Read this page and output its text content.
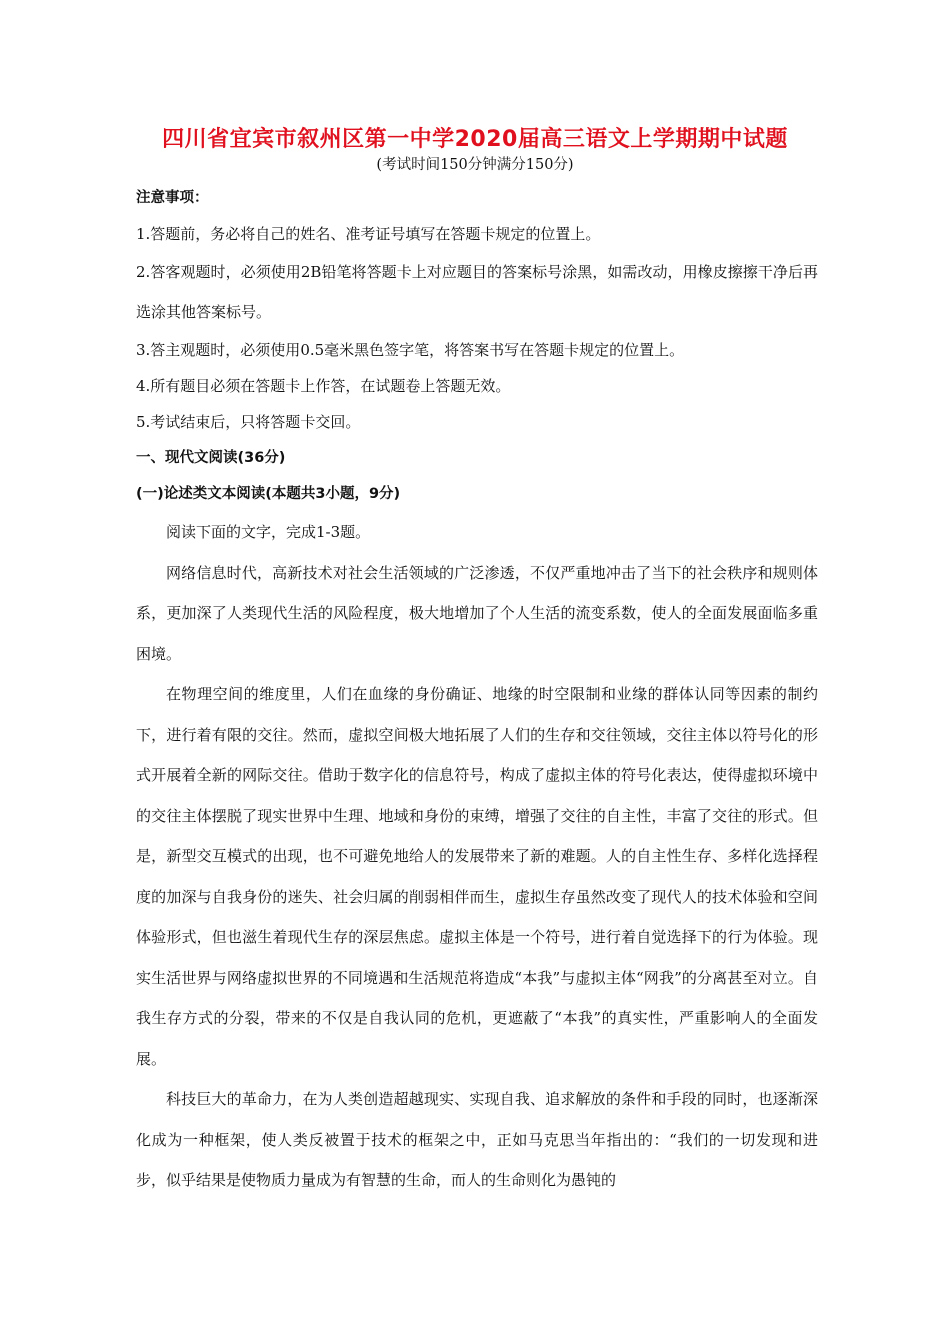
四川省宜宾市叙州区第一中学2020届高三语文上学期期中试题
(考试时间150分钟满分150分)

注意事项：

1.答题前，务必将自己的姓名、准考证号填写在答题卡规定的位置上。

2.答客观题时，必须使用2B铅笔将答题卡上对应题目的答案标号涂黑，如需改动，用橡皮擦擦干净后再选涂其他答案标号。

3.答主观题时，必须使用0.5毫米黑色签字笔，将答案书写在答题卡规定的位置上。

4.所有题目必须在答题卡上作答，在试题卷上答题无效。

5.考试结束后，只将答题卡交回。

一、现代文阅读(36分)

(一)论述类文本阅读(本题共3小题，9分)

阅读下面的文字，完成1-3题。

网络信息时代，高新技术对社会生活领域的广泛渗透，不仅严重地冲击了当下的社会秩序和规则体系，更加深了人类现代生活的风险程度，极大地增加了个人生活的流变系数，使人的全面发展面临多重困境。

在物理空间的维度里，人们在血缘的身份确证、地缘的时空限制和业缘的群体认同等因素的制约下，进行着有限的交往。然而，虚拟空间极大地拓展了人们的生存和交往领域，交往主体以符号化的形式开展着全新的网际交往。借助于数字化的信息符号，构成了虚拟主体的符号化表达，使得虚拟环境中的交往主体摆脱了现实世界中生理、地域和身份的束缚，增强了交往的自主性，丰富了交往的形式。但是，新型交互模式的出现，也不可避免地给人的发展带来了新的难题。人的自主性生存、多样化选择程度的加深与自我身份的迷失、社会归属的削弱相伴而生，虚拟生存虽然改变了现代人的技术体验和空间体验形式，但也滋生着现代生存的深层焦虑。虚拟主体是一个符号，进行着自觉选择下的行为体验。现实生活世界与网络虚拟世界的不同境遇和生活规范将造成“本我”与虚拟主体“网我”的分离甚至对立。自我生存方式的分裂，带来的不仅是自我认同的危机，更遮蔽了“本我”的真实性，严重影响人的全面发展。

科技巨大的革命力，在为人类创造超越现实、实现自我、追求解放的条件和手段的同时，也逐渐深化成为一种框架，使人类反被置于技术的框架之中，正如马克思当年指出的：“我们的一切发现和进步，似乎结果是使物质力量成为有智慧的生命，而人的生命则化为愚钝的
